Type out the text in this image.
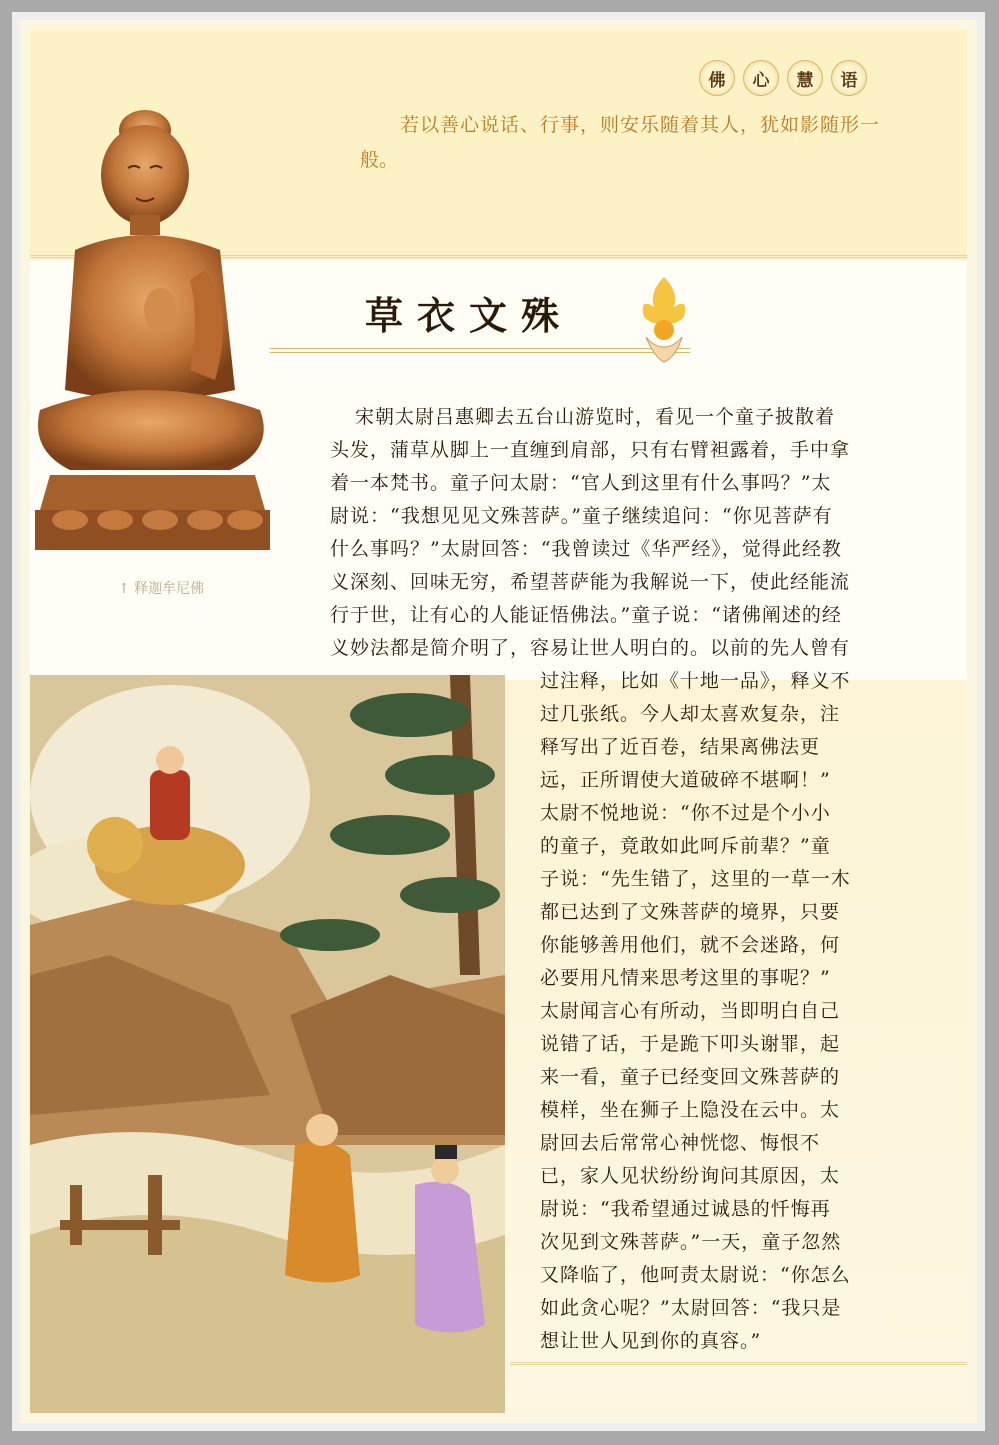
佛	心	慧	语
若以善心说话、行事，则安乐随着其人，犹如影随形一
般。
↑ 释迦牟尼佛
草衣文殊
宋朝太尉吕惠卿去五台山游览时，看见一个童子披散着
头发，蒲草从脚上一直缠到肩部，只有右臂袒露着，手中拿
着一本梵书。童子问太尉：“官人到这里有什么事吗？”太
尉说：“我想见见文殊菩萨。”童子继续追问：“你见菩萨有
什么事吗？”太尉回答：“我曾读过《华严经》，觉得此经教
义深刻、回味无穷，希望菩萨能为我解说一下，使此经能流
行于世，让有心的人能证悟佛法。”童子说：“诸佛阐述的经
义妙法都是简介明了，容易让世人明白的。以前的先人曾有
过注释，比如《十地一品》，释义不
过几张纸。今人却太喜欢复杂，注
释写出了近百卷，结果离佛法更
远，正所谓使大道破碎不堪啊！”
太尉不悦地说：“你不过是个小小
的童子，竟敢如此呵斥前辈？”童
子说：“先生错了，这里的一草一木
都已达到了文殊菩萨的境界，只要
你能够善用他们，就不会迷路，何
必要用凡情来思考这里的事呢？”
太尉闻言心有所动，当即明白自己
说错了话，于是跪下叩头谢罪，起
来一看，童子已经变回文殊菩萨的
模样，坐在狮子上隐没在云中。太
尉回去后常常心神恍惚、悔恨不
已，家人见状纷纷询问其原因，太
尉说：“我希望通过诚恳的忏悔再
次见到文殊菩萨。”一天，童子忽然
又降临了，他呵责太尉说：“你怎么
如此贪心呢？”太尉回答：“我只是
想让世人见到你的真容。”
